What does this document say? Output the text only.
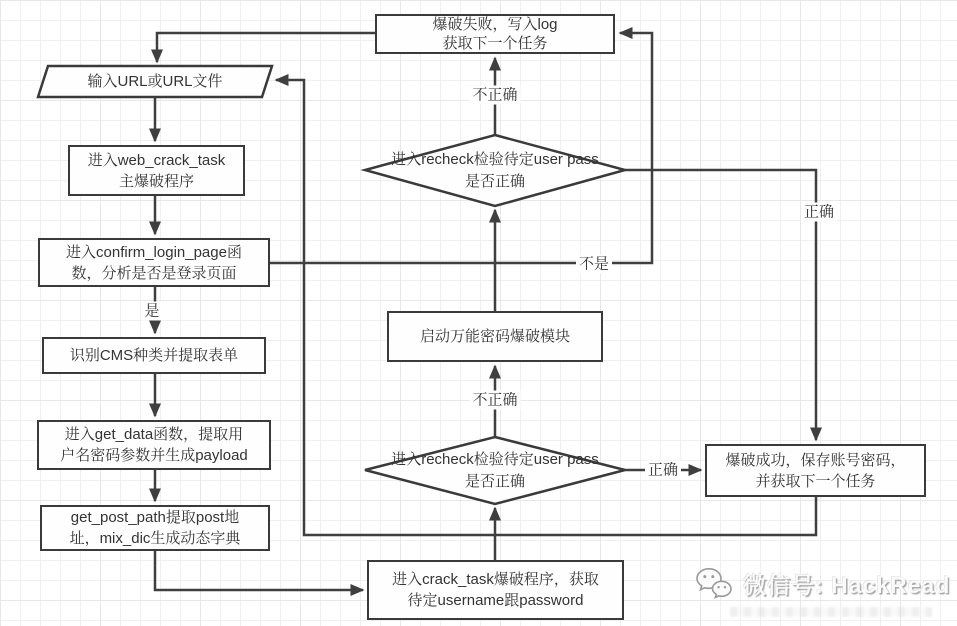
爆破失败，写入log
获取下一个任务
进入web_crack_task
主爆破程序
进入confirm_login_page函
数，分析是否是登录页面
识别CMS种类并提取表单
进入get_data函数，提取用
户名密码参数并生成payload
get_post_path提取post地
址，mix_dic生成动态字典
进入crack_task爆破程序，获取
待定username跟password
启动万能密码爆破模块
爆破成功，保存账号密码，
并获取下一个任务
输入URL或URL文件
进入recheck检验待定user pass
是否正确
进入recheck检验待定user pass
是否正确
不正确
正确
不是
是
不正确
正确
微信号: HackRead
